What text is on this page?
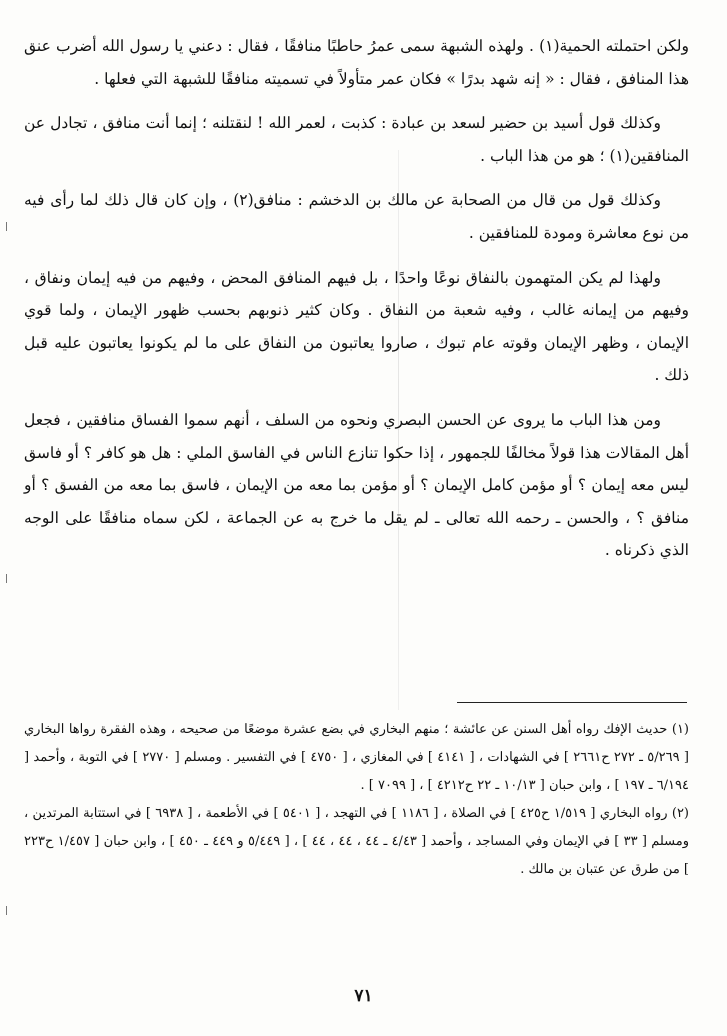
ولكن احتملته الحمية(١) . ولهذه الشبهة سمى عمرُ حاطبًا منافقًا ، فقال : دعني يا رسول الله أضرب عنق هذا المنافق ، فقال : « إنه شهد بدرًا » فكان عمر متأولاً في تسميته منافقًا للشبهة التي فعلها .

وكذلك قول أسيد بن حضير لسعد بن عبادة : كذبت ، لعمر الله ! لنقتلنه ؛ إنما أنت منافق ، تجادل عن المنافقين(١) ؛ هو من هذا الباب .

وكذلك قول من قال من الصحابة عن مالك بن الدخشم : منافق(٢) ، وإن كان قال ذلك لما رأى فيه من نوع معاشرة ومودة للمنافقين .

ولهذا لم يكن المتهمون بالنفاق نوعًا واحدًا ، بل فيهم المنافق المحض ، وفيهم من فيه إيمان ونفاق ، وفيهم من إيمانه غالب ، وفيه شعبة من النفاق . وكان كثير ذنوبهم بحسب ظهور الإيمان ، ولما قوي الإيمان ، وظهر الإيمان وقوته عام تبوك ، صاروا يعاتبون من النفاق على ما لم يكونوا يعاتبون عليه قبل ذلك .

ومن هذا الباب ما يروى عن الحسن البصري ونحوه من السلف ، أنهم سموا الفساق منافقين ، فجعل أهل المقالات هذا قولاً مخالفًا للجمهور ، إذا حكوا تنازع الناس في الفاسق الملي : هل هو كافر ؟ أو فاسق ليس معه إيمان ؟ أو مؤمن كامل الإيمان ؟ أو مؤمن بما معه من الإيمان ، فاسق بما معه من الفسق ؟ أو منافق ؟ ، والحسن ـ رحمه الله تعالى ـ لم يقل ما خرج به عن الجماعة ، لكن سماه منافقًا على الوجه الذي ذكرناه .

(١) حديث الإفك رواه أهل السنن عن عائشة ؛ منهم البخاري في بضع عشرة موضعًا من صحيحه ، وهذه الفقرة رواها البخاري [ ٥/٢٦٩ ـ ٢٧٢ ح٢٦٦١ ] في الشهادات ، [ ٤١٤١ ] في المغازي ، [ ٤٧٥٠ ] في التفسير . ومسلم [ ٢٧٧٠ ] في التوبة ، وأحمد [ ٦/١٩٤ ـ ١٩٧ ] ، وابن حبان [ ١٠/١٣ ـ ٢٢ ح٤٢١٢ ] ، [ ٧٠٩٩ ] .

(٢) رواه البخاري [ ١/٥١٩ ح٤٢٥ ] في الصلاة ، [ ١١٨٦ ] في التهجد ، [ ٥٤٠١ ] في الأطعمة ، [ ٦٩٣٨ ] في استتابة المرتدين ، ومسلم [ ٣٣ ] في الإيمان وفي المساجد ، وأحمد [ ٤/٤٣ ـ ٤٤ ، ٤٤ ، ٤٤ ] ، [ ٥/٤٤٩ و ٤٤٩ ـ ٤٥٠ ] ، وابن حبان [ ١/٤٥٧ ح٢٢٣ ] من طرق عن عتبان بن مالك .

٧١
